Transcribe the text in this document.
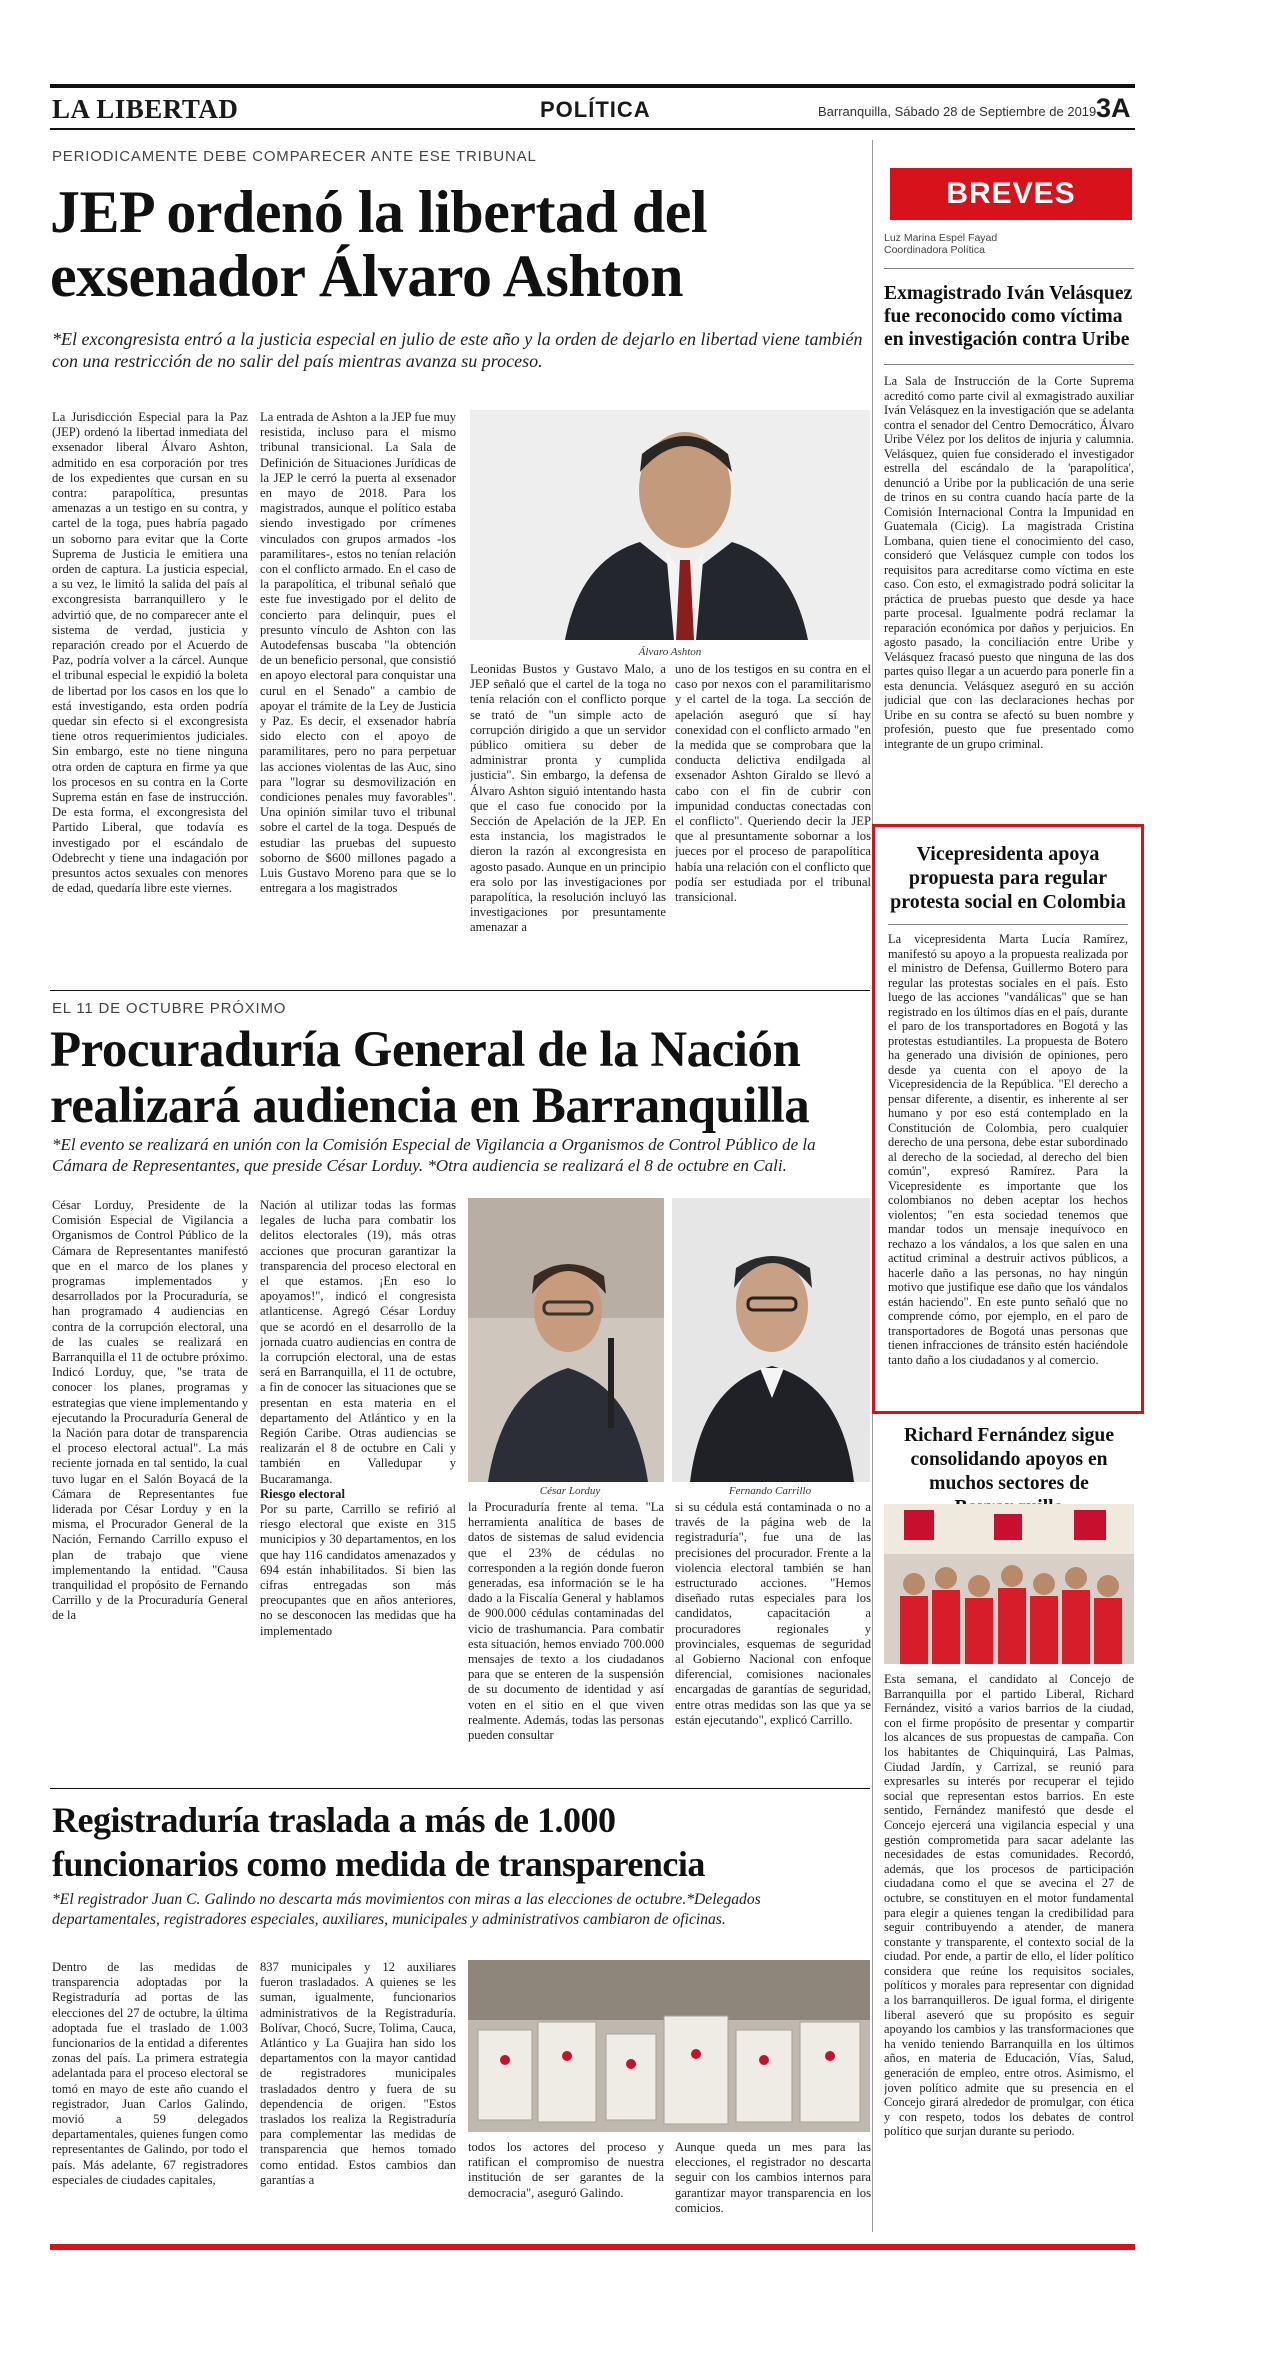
LA LIBERTAD	POLÍTICA	Barranquilla, Sábado 28 de Septiembre de 2019 3A
PERIODICAMENTE DEBE COMPARECER ANTE ESE TRIBUNAL
JEP ordenó la libertad del
exsenador Álvaro Ashton
*El excongresista entró a la justicia especial en julio de este año y la orden de dejarlo en libertad viene también con una restricción de no salir del país mientras avanza su proceso.
La Jurisdicción Especial para la Paz (JEP) ordenó la libertad inmediata del exsenador liberal Álvaro Ashton, admitido en esa corporación por tres de los expedientes que cursan en su contra: parapolítica, presuntas amenazas a un testigo en su contra, y cartel de la toga, pues habría pagado un soborno para evitar que la Corte Suprema de Justicia le emitiera una orden de captura. La justicia especial, a su vez, le limitó la salida del país al excongresista barranquillero y le advirtió que, de no comparecer ante el sistema de verdad, justicia y reparación creado por el Acuerdo de Paz, podría volver a la cárcel. Aunque el tribunal especial le expidió la boleta de libertad por los casos en los que lo está investigando, esta orden podría quedar sin efecto si el excongresista tiene otros requerimientos judiciales. Sin embargo, este no tiene ninguna otra orden de captura en firme ya que los procesos en su contra en la Corte Suprema están en fase de instrucción. De esta forma, el excongresista del Partido Liberal, que todavía es investigado por el escándalo de Odebrecht y tiene una indagación por presuntos actos sexuales con menores de edad, quedaría libre este viernes.
La entrada de Ashton a la JEP fue muy resistida, incluso para el mismo tribunal transicional. La Sala de Definición de Situaciones Jurídicas de la JEP le cerró la puerta al exsenador en mayo de 2018. Para los magistrados, aunque el político estaba siendo investigado por crímenes vinculados con grupos armados -los paramilitares-, estos no tenían relación con el conflicto armado. En el caso de la parapolítica, el tribunal señaló que este fue investigado por el delito de concierto para delinquir, pues el presunto vínculo de Ashton con las Autodefensas buscaba "la obtención de un beneficio personal, que consistió en apoyo electoral para conquistar una curul en el Senado" a cambio de apoyar el trámite de la Ley de Justicia y Paz. Es decir, el exsenador habría sido electo con el apoyo de paramilitares, pero no para perpetuar las acciones violentas de las Auc, sino para "lograr su desmovilización en condiciones penales muy favorables". Una opinión similar tuvo el tribunal sobre el cartel de la toga. Después de estudiar las pruebas del supuesto soborno de $600 millones pagado a Luis Gustavo Moreno para que se lo entregara a los magistrados
Álvaro Ashton
Leonidas Bustos y Gustavo Malo, a JEP señaló que el cartel de la toga no tenía relación con el conflicto porque se trató de "un simple acto de corrupción dirigido a que un servidor público omitiera su deber de administrar pronta y cumplida justicia". Sin embargo, la defensa de Álvaro Ashton siguió intentando hasta que el caso fue conocido por la Sección de Apelación de la JEP. En esta instancia, los magistrados le dieron la razón al excongresista en agosto pasado. Aunque en un principio era solo por las investigaciones por parapolítica, la resolución incluyó las investigaciones por presuntamente amenazar a
uno de los testigos en su contra en el caso por nexos con el paramilitarismo y el cartel de la toga. La sección de apelación aseguró que sí hay conexidad con el conflicto armado "en la medida que se comprobara que la conducta delictiva endilgada al exsenador Ashton Giraldo se llevó a cabo con el fin de cubrir con impunidad conductas conectadas con el conflicto". Queriendo decir la JEP que al presuntamente sobornar a los jueces por el proceso de parapolítica había una relación con el conflicto que podía ser estudiada por el tribunal transicional.
EL 11 DE OCTUBRE PRÓXIMO
Procuraduría General de la Nación
realizará audiencia en Barranquilla
*El evento se realizará en unión con la Comisión Especial de Vigilancia a Organismos de Control Público de la Cámara de Representantes, que preside César Lorduy. *Otra audiencia se realizará el 8 de octubre en Cali.
César Lorduy, Presidente de la Comisión Especial de Vigilancia a Organismos de Control Público de la Cámara de Representantes manifestó que en el marco de los planes y programas implementados y desarrollados por la Procuraduría, se han programado 4 audiencias en contra de la corrupción electoral, una de las cuales se realizará en Barranquilla el 11 de octubre próximo. Indicó Lorduy, que, "se trata de conocer los planes, programas y estrategias que viene implementando y ejecutando la Procuraduría General de la Nación para dotar de transparencia el proceso electoral actual". La más reciente jornada en tal sentido, la cual tuvo lugar en el Salón Boyacá de la Cámara de Representantes fue liderada por César Lorduy y en la misma, el Procurador General de la Nación, Fernando Carrillo expuso el plan de trabajo que viene implementando la entidad. "Causa tranquilidad el propósito de Fernando Carrillo y de la Procuraduría General de la

Nación al utilizar todas las formas legales de lucha para combatir los delitos electorales (19), más otras acciones que procuran garantizar la transparencia del proceso electoral en el que estamos. ¡En eso lo apoyamos!", indicó el congresista atlanticense. Agregó César Lorduy que se acordó en el desarrollo de la jornada cuatro audiencias en contra de la corrupción electoral, una de estas será en Barranquilla, el 11 de octubre, a fin de conocer las situaciones que se presentan en esta materia en el departamento del Atlántico y en la Región Caribe. Otras audiencias se realizarán el 8 de octubre en Cali y también en Valledupar y Bucaramanga.

Riesgo electoral

Por su parte, Carrillo se refirió al riesgo electoral que existe en 315 municipios y 30 departamentos, en los que hay 116 candidatos amenazados y 694 están inhabilitados. Si bien las cifras entregadas son más preocupantes que en años anteriores, no se desconocen las medidas que ha implementado

César Lorduy	Fernando Carrillo
la Procuraduría frente al tema. "La herramienta analítica de bases de datos de sistemas de salud evidencia que el 23% de cédulas no corresponden a la región donde fueron generadas, esa información se le ha dado a la Fiscalía General y hablamos de 900.000 cédulas contaminadas del vicio de trashumancia. Para combatir esta situación, hemos enviado 700.000 mensajes de texto a los ciudadanos para que se enteren de la suspensión de su documento de identidad y así voten en el sitio en el que viven realmente. Además, todas las personas pueden consultar
si su cédula está contaminada o no a través de la página web de la registraduría", fue una de las precisiones del procurador. Frente a la violencia electoral también se han estructurado acciones. "Hemos diseñado rutas especiales para los candidatos, capacitación a procuradores regionales y provinciales, esquemas de seguridad al Gobierno Nacional con enfoque diferencial, comisiones nacionales encargadas de garantías de seguridad, entre otras medidas son las que ya se están ejecutando", explicó Carrillo.
Registraduría traslada a más de 1.000
funcionarios como medida de transparencia
*El registrador Juan C. Galindo no descarta más movimientos con miras a las elecciones de octubre.*Delegados departamentales, registradores especiales, auxiliares, municipales y administrativos cambiaron de oficinas.
Dentro de las medidas de transparencia adoptadas por la Registraduría ad portas de las elecciones del 27 de octubre, la última adoptada fue el traslado de 1.003 funcionarios de la entidad a diferentes zonas del país. La primera estrategia adelantada para el proceso electoral se tomó en mayo de este año cuando el registrador, Juan Carlos Galindo, movió a 59 delegados departamentales, quienes fungen como representantes de Galindo, por todo el país. Más adelante, 67 registradores especiales de ciudades capitales,
837 municipales y 12 auxiliares fueron trasladados. A quienes se les suman, igualmente, funcionarios administrativos de la Registraduría. Bolívar, Chocó, Sucre, Tolima, Cauca, Atlántico y La Guajira han sido los departamentos con la mayor cantidad de registradores municipales trasladados dentro y fuera de su dependencia de origen. "Estos traslados los realiza la Registraduría para complementar las medidas de transparencia que hemos tomado como entidad. Estos cambios dan garantías a
todos los actores del proceso y ratifican el compromiso de nuestra institución de ser garantes de la democracia", aseguró Galindo.
Aunque queda un mes para las elecciones, el registrador no descarta seguir con los cambios internos para garantizar mayor transparencia en los comicios.
BREVES
Luz Marina Espel Fayad
Coordinadora Política
Exmagistrado Iván Velásquez fue reconocido como víctima en investigación contra Uribe
La Sala de Instrucción de la Corte Suprema acreditó como parte civil al exmagistrado auxiliar Iván Velásquez en la investigación que se adelanta contra el senador del Centro Democrático, Álvaro Uribe Vélez por los delitos de injuria y calumnia. Velásquez, quien fue considerado el investigador estrella del escándalo de la 'parapolítica', denunció a Uribe por la publicación de una serie de trinos en su contra cuando hacía parte de la Comisión Internacional Contra la Impunidad en Guatemala (Cicig). La magistrada Cristina Lombana, quien tiene el conocimiento del caso, consideró que Velásquez cumple con todos los requisitos para acreditarse como víctima en este caso. Con esto, el exmagistrado podrá solicitar la práctica de pruebas puesto que desde ya hace parte procesal. Igualmente podrá reclamar la reparación económica por daños y perjuicios. En agosto pasado, la conciliación entre Uribe y Velásquez fracasó puesto que ninguna de las dos partes quiso llegar a un acuerdo para ponerle fin a esta denuncia. Velásquez aseguró en su acción judicial que con las declaraciones hechas por Uribe en su contra se afectó su buen nombre y profesión, puesto que fue presentado como integrante de un grupo criminal.
Vicepresidenta apoya propuesta para regular protesta social en Colombia
La vicepresidenta Marta Lucía Ramírez, manifestó su apoyo a la propuesta realizada por el ministro de Defensa, Guillermo Botero para regular las protestas sociales en el país. Esto luego de las acciones "vandálicas" que se han registrado en los últimos días en el país, durante el paro de los transportadores en Bogotá y las protestas estudiantiles. La propuesta de Botero ha generado una división de opiniones, pero desde ya cuenta con el apoyo de la Vicepresidencia de la República. "El derecho a pensar diferente, a disentir, es inherente al ser humano y por eso está contemplado en la Constitución de Colombia, pero cualquier derecho de una persona, debe estar subordinado al derecho de la sociedad, al derecho del bien común", expresó Ramírez. Para la Vicepresidente es importante que los colombianos no deben aceptar los hechos violentos; "en esta sociedad tenemos que mandar todos un mensaje inequívoco en rechazo a los vándalos, a los que salen en una actitud criminal a destruir activos públicos, a hacerle daño a las personas, no hay ningún motivo que justifique ese daño que los vándalos están haciendo". En este punto señaló que no comprende cómo, por ejemplo, en el paro de transportadores de Bogotá unas personas que tienen infracciones de tránsito estén haciéndole tanto daño a los ciudadanos y al comercio.
Richard Fernández sigue consolidando apoyos en muchos sectores de
Esta semana, el candidato al Concejo de Barranquilla por el partido Liberal, Richard Fernández, visitó a varios barrios de la ciudad, con el firme propósito de presentar y compartir los alcances de sus propuestas de campaña. Con los habitantes de Chiquinquirá, Las Palmas, Ciudad Jardín, y Carrizal, se reunió para expresarles su interés por recuperar el tejido social que representan estos barrios. En este sentido, Fernández manifestó que desde el Concejo ejercerá una vigilancia especial y una gestión comprometida para sacar adelante las necesidades de estas comunidades. Recordó, además, que los procesos de participación ciudadana como el que se avecina el 27 de octubre, se constituyen en el motor fundamental para elegir a quienes tengan la credibilidad para seguir contribuyendo a atender, de manera constante y transparente, el contexto social de la ciudad. Por ende, a partir de ello, el líder político considera que reúne los requisitos sociales, políticos y morales para representar con dignidad a los barranquilleros. De igual forma, el dirigente liberal aseveró que su propósito es seguir apoyando los cambios y las transformaciones que ha venido teniendo Barranquilla en los últimos años, en materia de Educación, Vías, Salud, generación de empleo, entre otros. Asimismo, el joven político admite que su presencia en el Concejo girará alrededor de promulgar, con ética y con respeto, todos los debates de control político que surjan durante su periodo.
